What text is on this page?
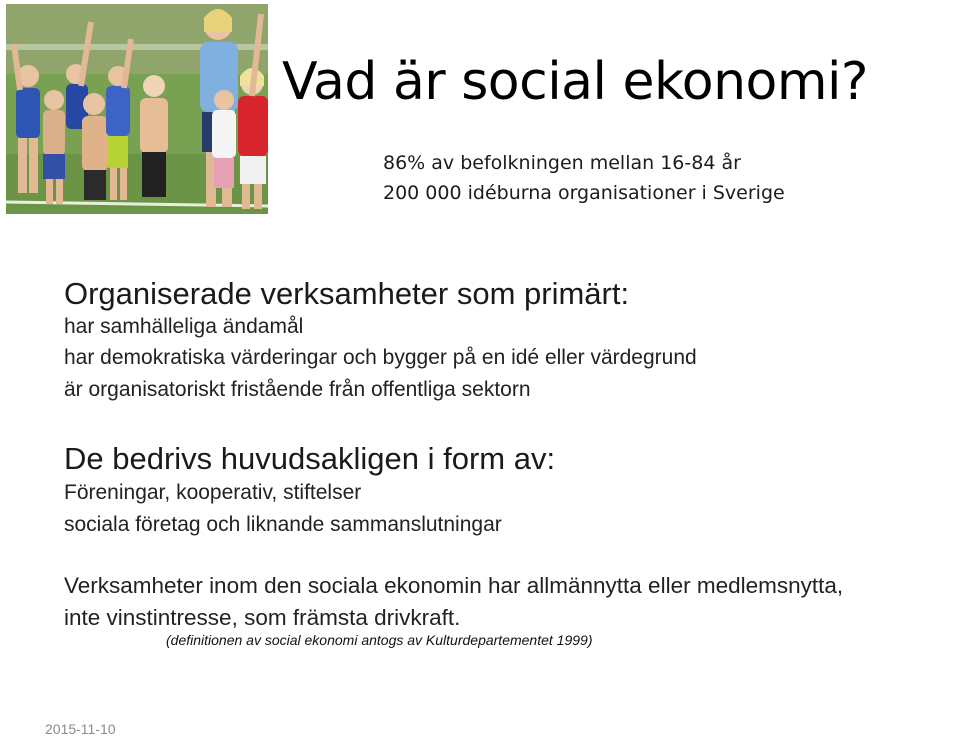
Vad är social ekonomi?
86% av befolkningen mellan 16-84 år
200 000 idéburna organisationer i Sverige
Organiserade verksamheter som primärt:
har samhälleliga ändamål
har demokratiska värderingar och bygger på en idé eller värdegrund
är organisatoriskt fristående från offentliga sektorn
De bedrivs huvudsakligen i form av:
Föreningar, kooperativ, stiftelser
sociala företag och liknande sammanslutningar
Verksamheter inom den sociala ekonomin har allmännytta eller medlemsnytta,
inte vinstintresse, som främsta drivkraft.
(definitionen av social ekonomi antogs av Kulturdepartementet 1999)
2015-11-10
